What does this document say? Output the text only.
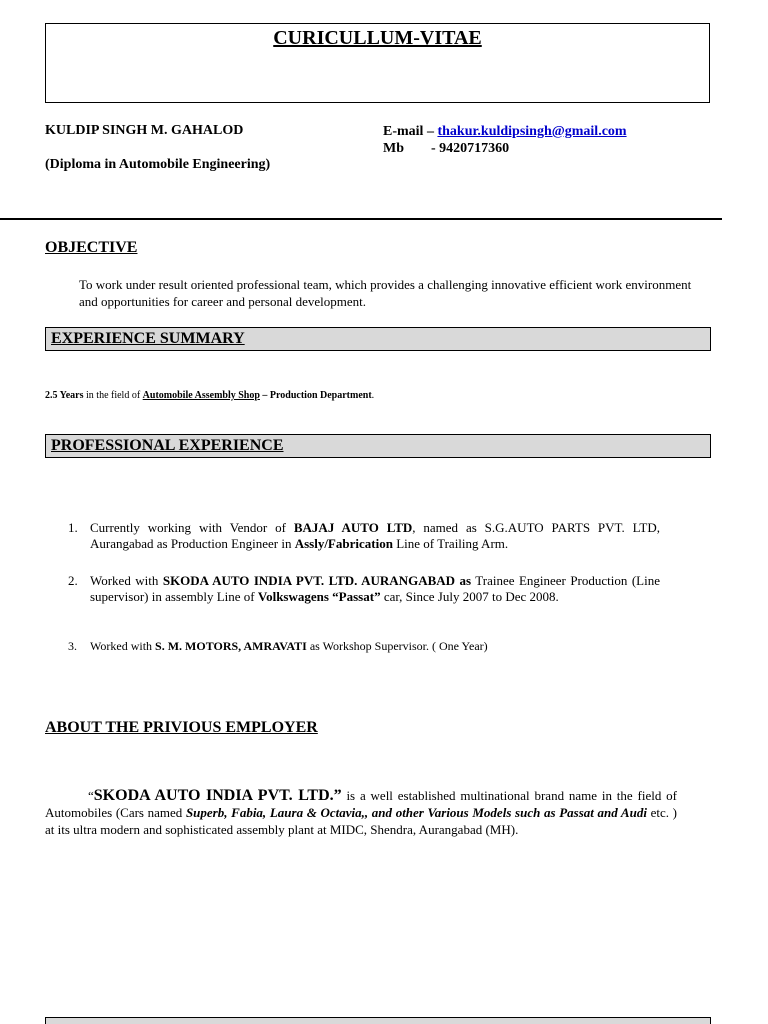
CURICULLUM-VITAE
KULDIP SINGH M. GAHALOD
(Diploma in Automobile Engineering)
E-mail – thakur.kuldipsingh@gmail.com
Mb - 9420717360
OBJECTIVE
To work under result oriented professional team, which provides a challenging innovative efficient work environment and opportunities for career and personal development.
EXPERIENCE SUMMARY
2.5 Years in the field of Automobile Assembly Shop – Production Department.
PROFESSIONAL EXPERIENCE
1. Currently working with Vendor of BAJAJ AUTO LTD, named as S.G.AUTO PARTS PVT. LTD, Aurangabad as Production Engineer in Assly/Fabrication Line of Trailing Arm.
2. Worked with SKODA AUTO INDIA PVT. LTD. AURANGABAD as Trainee Engineer Production (Line supervisor) in assembly Line of Volkswagens “Passat” car, Since July 2007 to Dec 2008.
3.	Worked with S. M. MOTORS, AMRAVATI as Workshop Supervisor. ( One Year)
ABOUT THE PRIVIOUS EMPLOYER
“SKODA AUTO INDIA PVT. LTD.” is a well established multinational brand name in the field of Automobiles (Cars named Superb, Fabia, Laura & Octavia,, and other Various Models such as Passat and Audi etc. ) at its ultra modern and sophisticated assembly plant at MIDC, Shendra, Aurangabad (MH).
